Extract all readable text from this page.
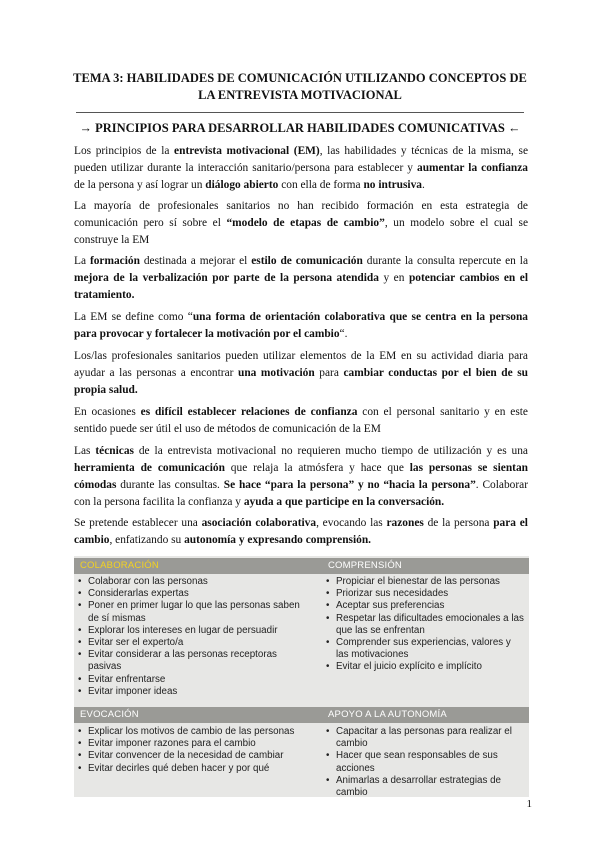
TEMA 3: HABILIDADES DE COMUNICACIÓN UTILIZANDO CONCEPTOS DE
LA ENTREVISTA MOTIVACIONAL
→ PRINCIPIOS PARA DESARROLLAR HABILIDADES COMUNICATIVAS ←

Los principios de la entrevista motivacional (EM), las habilidades y técnicas de la misma, se pueden utilizar durante la interacción sanitario/persona para establecer y aumentar la confianza de la persona y así lograr un diálogo abierto con ella de forma no intrusiva.

La mayoría de profesionales sanitarios no han recibido formación en esta estrategia de comunicación pero sí sobre el “modelo de etapas de cambio”, un modelo sobre el cual se construye la EM

La formación destinada a mejorar el estilo de comunicación durante la consulta repercute en la mejora de la verbalización por parte de la persona atendida y en potenciar cambios en el tratamiento.

La EM se define como “una forma de orientación colaborativa que se centra en la persona para provocar y fortalecer la motivación por el cambio“.

Los/las profesionales sanitarios pueden utilizar elementos de la EM en su actividad diaria para ayudar a las personas a encontrar una motivación para cambiar conductas por el bien de su propia salud.

En ocasiones es difícil establecer relaciones de confianza con el personal sanitario y en este sentido puede ser útil el uso de métodos de comunicación de la EM

Las técnicas de la entrevista motivacional no requieren mucho tiempo de utilización y es una herramienta de comunicación que relaja la atmósfera y hace que las personas se sientan cómodas durante las consultas. Se hace “para la persona” y no “hacia la persona”. Colaborar con la persona facilita la confianza y ayuda a que participe en la conversación.

Se pretende establecer una asociación colaborativa, evocando las razones de la persona para el cambio, enfatizando su autonomía y expresando comprensión.

COLABORACIÓN	COMPRENSIÓN
• Colaborar con las personas
• Considerarlas expertas
• Poner en primer lugar lo que las personas saben de sí mismas
• Explorar los intereses en lugar de persuadir
• Evitar ser el experto/a
• Evitar considerar a las personas receptoras pasivas
• Evitar enfrentarse
• Evitar imponer ideas
• Propiciar el bienestar de las personas
• Priorizar sus necesidades
• Aceptar sus preferencias
• Respetar las dificultades emocionales a las que las se enfrentan
• Comprender sus experiencias, valores y las motivaciones
• Evitar el juicio explícito e implícito
EVOCACIÓN	APOYO A LA AUTONOMÍA
• Explicar los motivos de cambio de las personas
• Evitar imponer razones para el cambio
• Evitar convencer de la necesidad de cambiar
• Evitar decirles qué deben hacer y por qué
• Capacitar a las personas para realizar el cambio
• Hacer que sean responsables de sus acciones
• Animarlas a desarrollar estrategias de cambio
1
